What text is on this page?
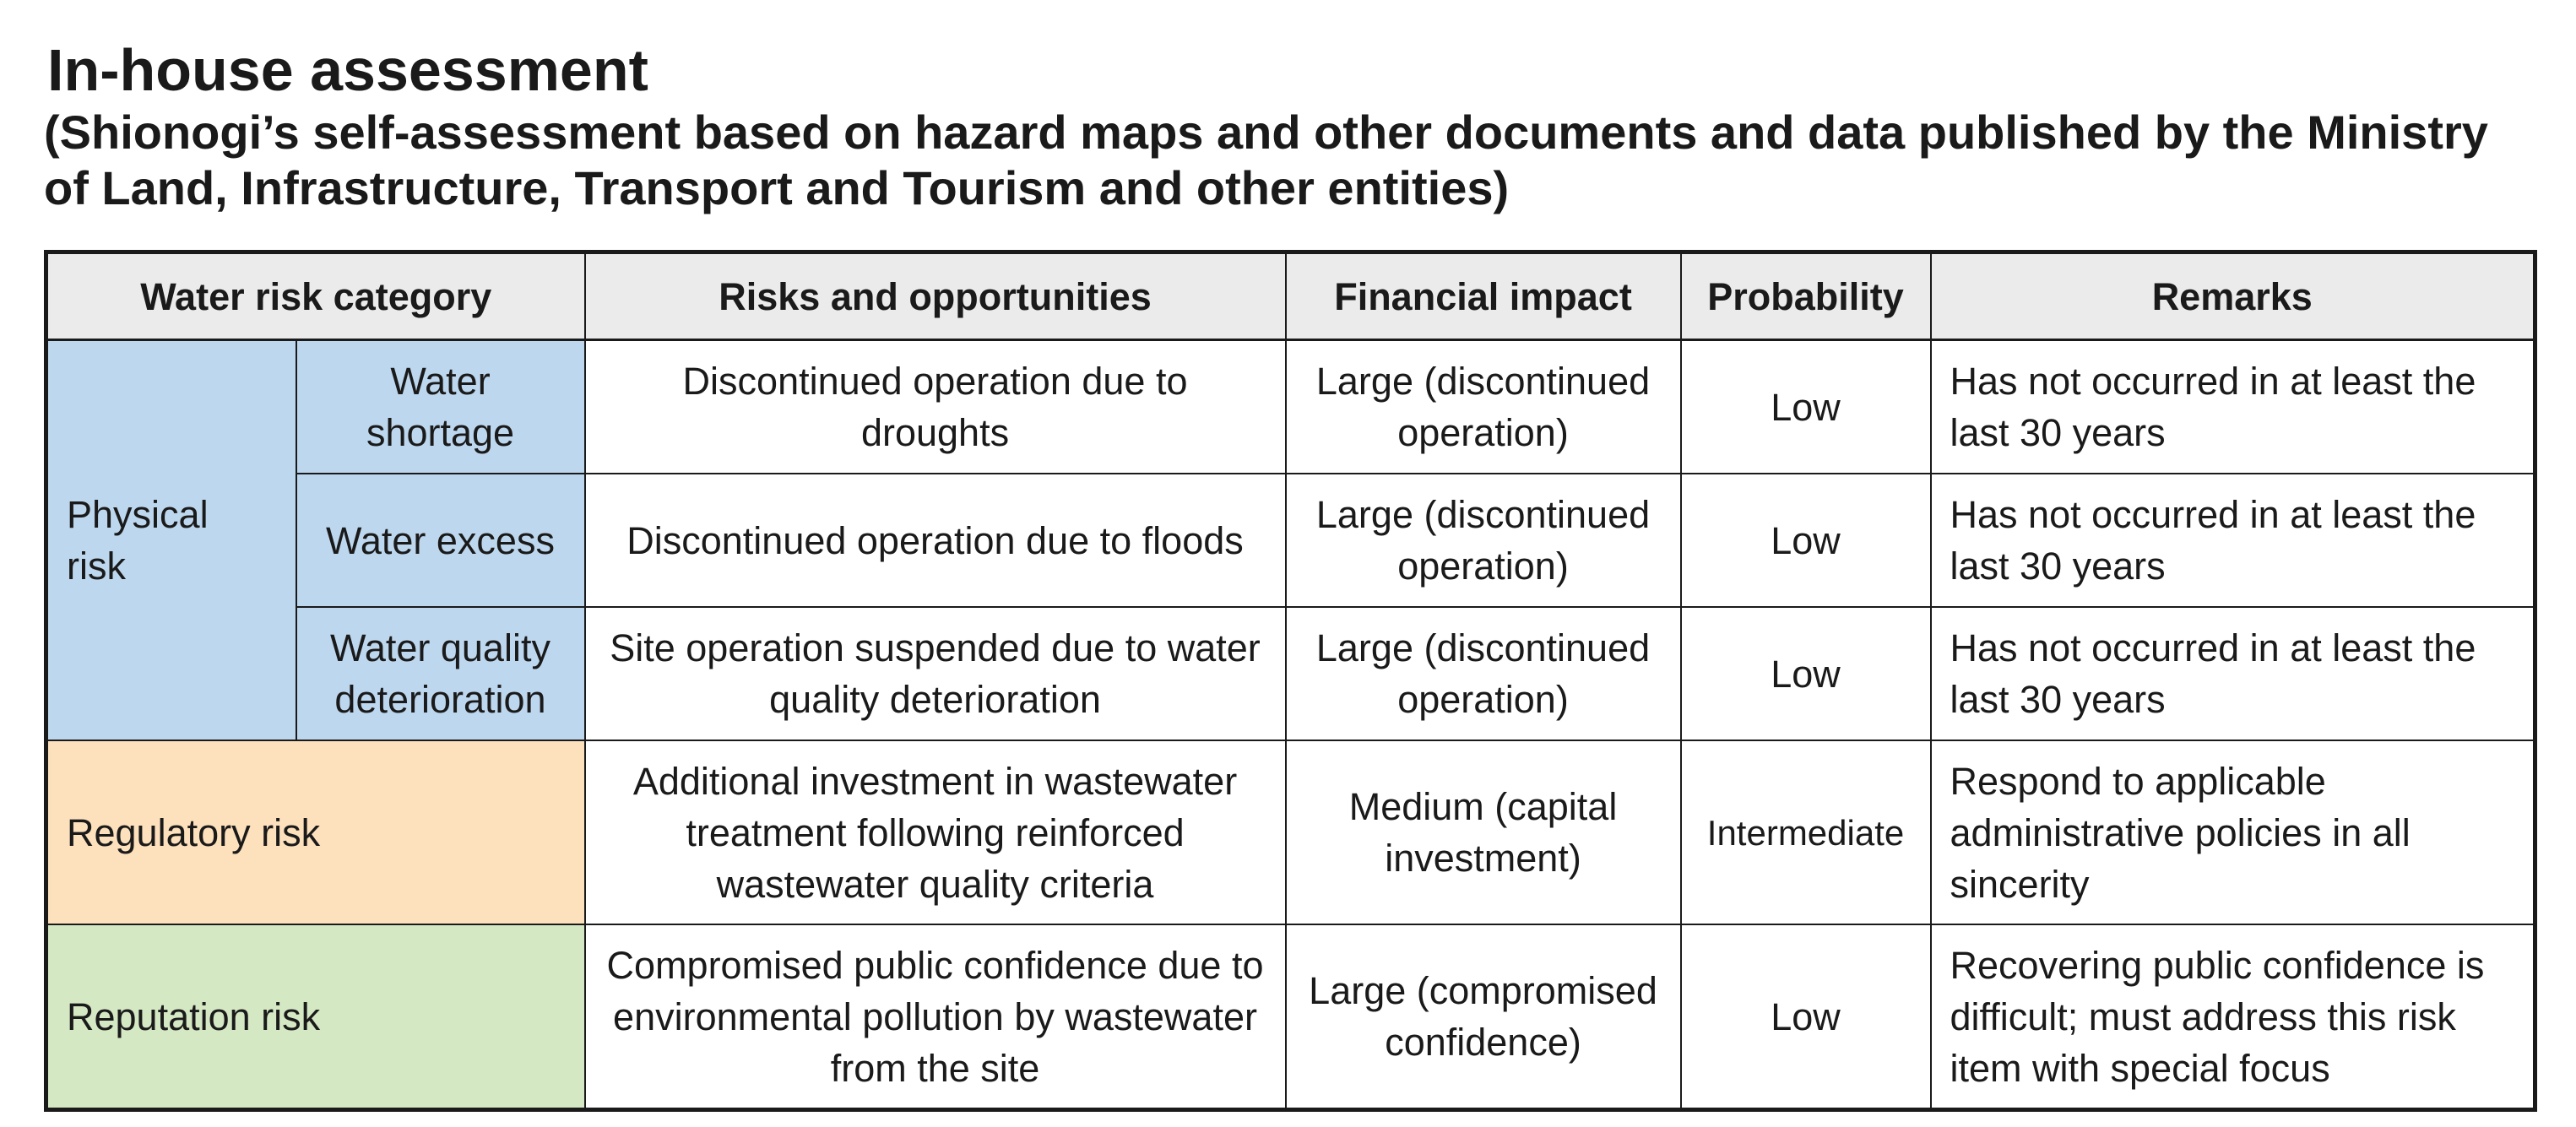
In-house assessment
(Shionogi’s self-assessment based on hazard maps and other documents and data published by the Ministry of Land, Infrastructure, Transport and Tourism and other entities)
Water risk category		Risks and opportunities	Financial impact	Probability	Remarks
Physical risk	Water shortage	Discontinued operation due to droughts	Large (discontinued operation)	Low	Has not occurred in at least the last 30 years
	Water excess	Discontinued operation due to floods	Large (discontinued operation)	Low	Has not occurred in at least the last 30 years
	Water quality deterioration	Site operation suspended due to water quality deterioration	Large (discontinued operation)	Low	Has not occurred in at least the last 30 years
Regulatory risk		Additional investment in wastewater treatment following reinforced wastewater quality criteria	Medium (capital investment)	Intermediate	Respond to applicable administrative policies in all sincerity
Reputation risk		Compromised public confidence due to environmental pollution by wastewater from the site	Large (compromised confidence)	Low	Recovering public confidence is difficult; must address this risk item with special focus
